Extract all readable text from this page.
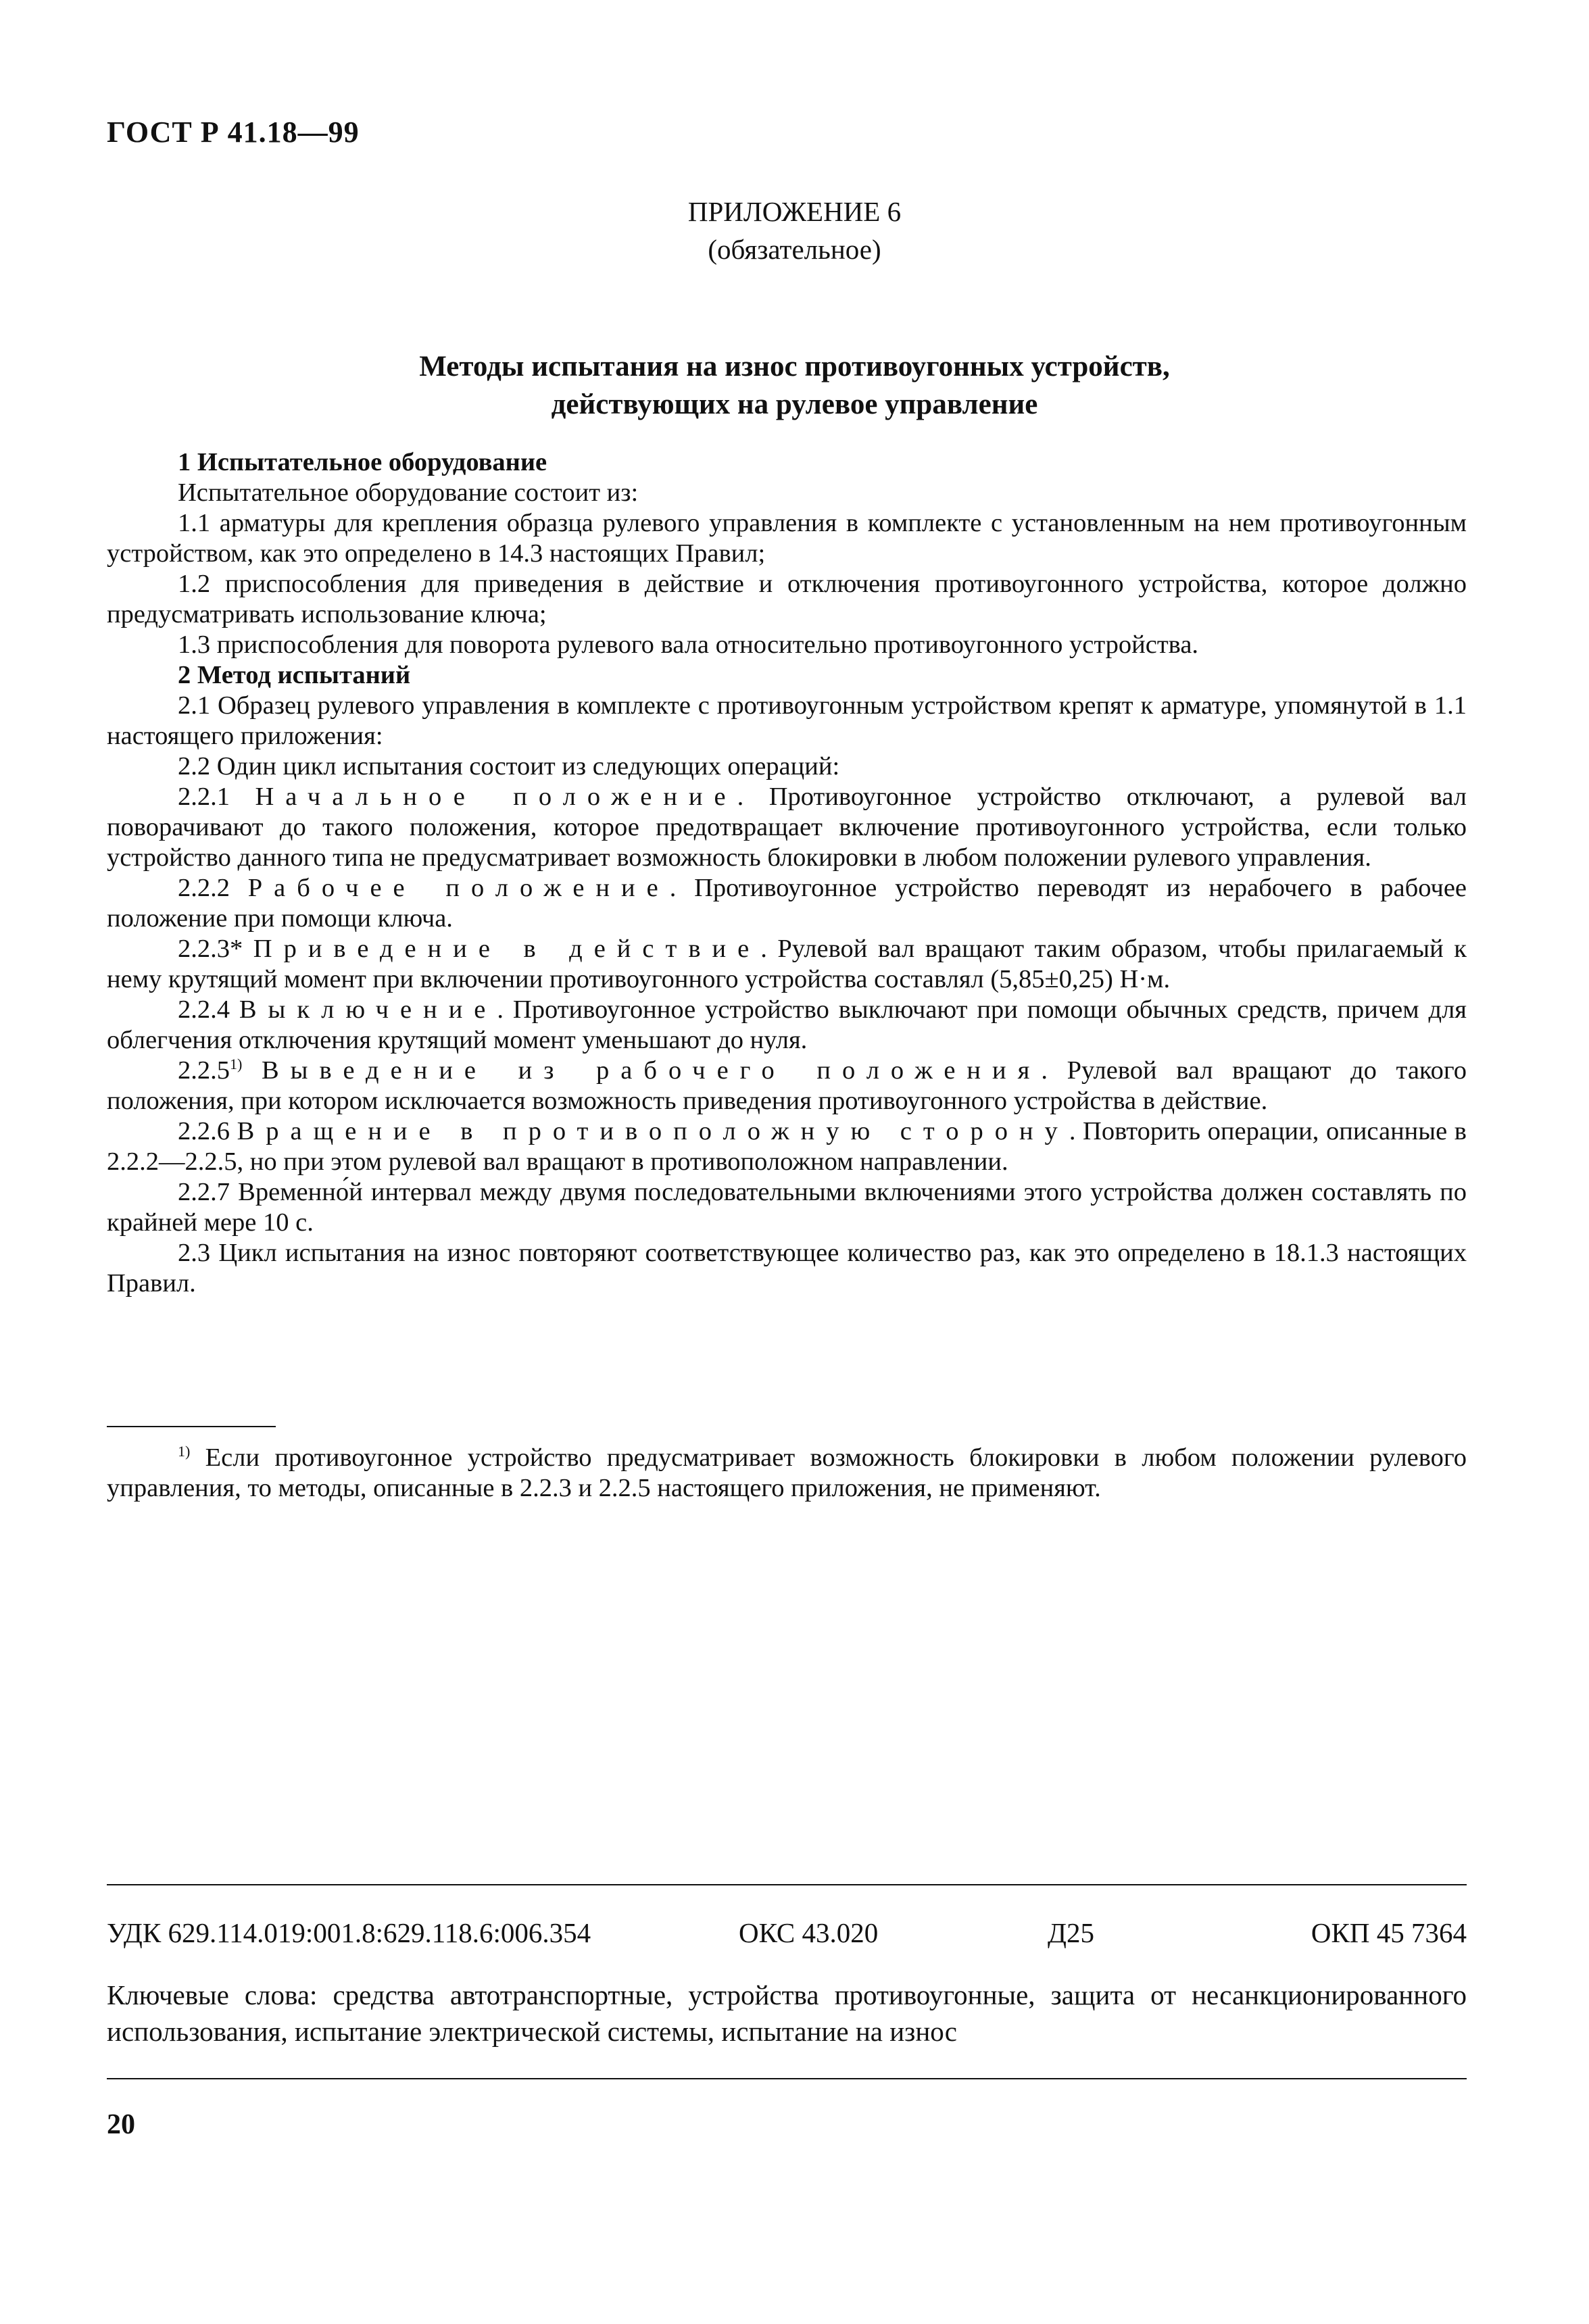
ГОСТ Р 41.18—99
ПРИЛОЖЕНИЕ 6
(обязательное)
Методы испытания на износ противоугонных устройств,
действующих на рулевое управление

1 Испытательное оборудование

Испытательное оборудование состоит из:

1.1 арматуры для крепления образца рулевого управления в комплекте с установленным на нем противоугонным устройством, как это определено в 14.3 настоящих Правил;

1.2 приспособления для приведения в действие и отключения противоугонного устройства, которое должно предусматривать использование ключа;

1.3 приспособления для поворота рулевого вала относительно противоугонного устройства.

2 Метод испытаний

2.1 Образец рулевого управления в комплекте с противоугонным устройством крепят к арматуре, упомянутой в 1.1 настоящего приложения:

2.2 Один цикл испытания состоит из следующих операций:

2.2.1 Начальное положение. Противоугонное устройство отключают, а рулевой вал поворачивают до такого положения, которое предотвращает включение противоугонного устройства, если только устройство данного типа не предусматривает возможность блокировки в любом положении рулевого управления.

2.2.2 Рабочее положение. Противоугонное устройство переводят из нерабочего в рабочее положение при помощи ключа.

2.2.3* Приведение в действие. Рулевой вал вращают таким образом, чтобы прилагаемый к нему крутящий момент при включении противоугонного устройства составлял (5,85±0,25) Н·м.

2.2.4 Выключение. Противоугонное устройство выключают при помощи обычных средств, причем для облегчения отключения крутящий момент уменьшают до нуля.

2.2.5$^{1)}$ Выведение из рабочего положения. Рулевой вал вращают до такого положения, при котором исключается возможность приведения противоугонного устройства в действие.

2.2.6 Вращение в противоположную сторону. Повторить операции, описанные в 2.2.2—2.2.5, но при этом рулевой вал вращают в противоположном направлении.

2.2.7 Временно́й интервал между двумя последовательными включениями этого устройства должен составлять по крайней мере 10 с.

2.3 Цикл испытания на износ повторяют соответствующее количество раз, как это определено в 18.1.3 настоящих Правил.

$^{1)}$ Если противоугонное устройство предусматривает возможность блокировки в любом положении рулевого управления, то методы, описанные в 2.2.3 и 2.2.5 настоящего приложения, не применяют.
УДК 629.114.019:001.8:629.118.6:006.354	ОКС 43.020	Д25	ОКП 45 7364
Ключевые слова: средства автотранспортные, устройства противоугонные, защита от несанкционированного использования, испытание электрической системы, испытание на износ
20
